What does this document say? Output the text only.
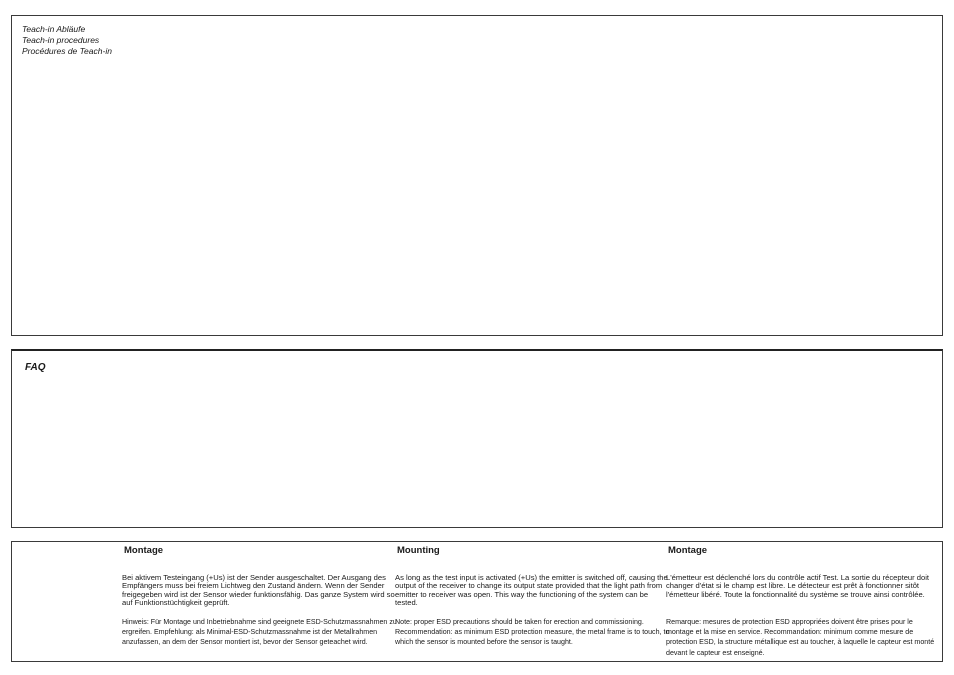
Teach-in Abläufe
Teach-in procedures
Procédures de Teach-in
FAQ
Montage

Bei aktivem Testeingang (+Us) ist der Sender ausgeschaltet. Der Ausgang des Empfängers muss bei freiem Lichtweg den Zustand ändern. Wenn der Sender freigegeben wird ist der Sensor wieder funktionsfähig. Das ganze System wird so auf Funktionstüchtigkeit geprüft.

Hinweis: Für Montage und Inbetriebnahme sind geeignete ESD-Schutzmassnahmen zu ergreifen. Empfehlung: als Minimal-ESD-Schutzmassnahme ist der Metallrahmen anzufassen, an dem der Sensor montiert ist, bevor der Sensor geteachet wird.

Mounting

As long as the test input is activated (+Us) the emitter is switched off, causing the output of the receiver to change its output state provided that the light path from emitter to receiver was open. This way the functioning of the system can be tested.

Note: proper ESD precautions should be taken for erection and commissioning. Recommendation: as minimum ESD protection measure, the metal frame is to touch, to which the sensor is mounted before the sensor is taught.

Montage

L'émetteur est déclenché lors du contrôle actif Test. La sortie du récepteur doit changer d'état si le champ est libre. Le détecteur est prêt à fonctionner sitôt l'émetteur libéré. Toute la fonctionnalité du système se trouve ainsi contrôlée.

Remarque: mesures de protection ESD appropriées doivent être prises pour le montage et la mise en service. Recommandation: minimum comme mesure de protection ESD, la structure métallique est au toucher, à laquelle le capteur est monté devant le capteur est enseigné.
